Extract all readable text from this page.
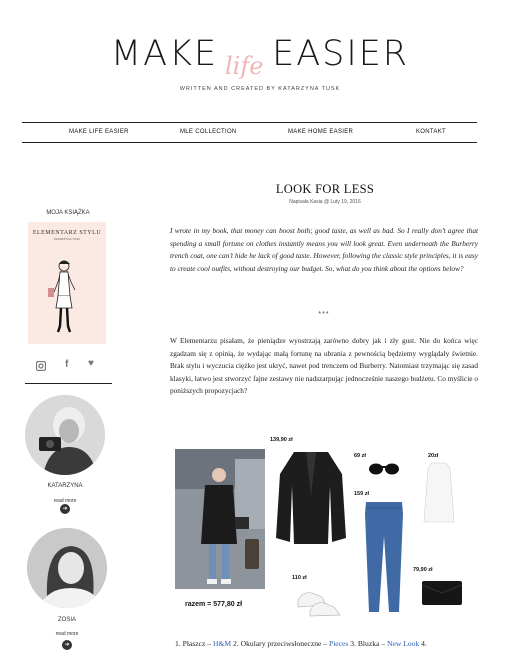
MAKE EASIER
life
WRITTEN AND CREATED BY KATARZYNA TUSK
MAKE LIFE EASIER	MLE COLLECTION	MAKE HOME EASIER	KONTAKT
MOJA KSIĄŻKA
ELEMENTARZ STYLU
KATARZYNA TUSK
f ♥
KATARZYNA
read more
➜
ZOSIA
read more
➜
LOOK FOR LESS
Napisała Kasia @ Luty 19, 2016
I wrote in my book, that money can boost both; good taste, as well as bad. So I really don’t agree that spending a small fortune on clothes instantly means you will look great. Even underneath the Burberry trench coat, one can’t hide he lack of good taste. However, following the classic style principles, it is easy to create cool outfits, without destroying our budget. So, what do you think about the options below?
***
W Elementarzu pisałam, że pieniądze wyostrzają zarówno dobry jak i zły gust. Nie do końca więc zgadzam się z opinią, że wydając małą fortunę na ubrania z pewnością będziemy wyglądały świetnie. Brak stylu i wyczucia ciężko jest ukryć, nawet pod trenczem od Burberry. Natomiast trzymając się zasad klasyki, łatwo jest stworzyć fajne zestawy nie nadszarpując jednocześnie naszego budżetu. Co myślicie o poniższych propozycjach?
razem = 577,80 zł
139,90 zł
69 zł	20zł
159 zł
110 zł
79,90 zł
1. Płaszcz – H&M 2. Okulary przeciwsłoneczne – Pieces 3. Bluzka – New Look 4.
